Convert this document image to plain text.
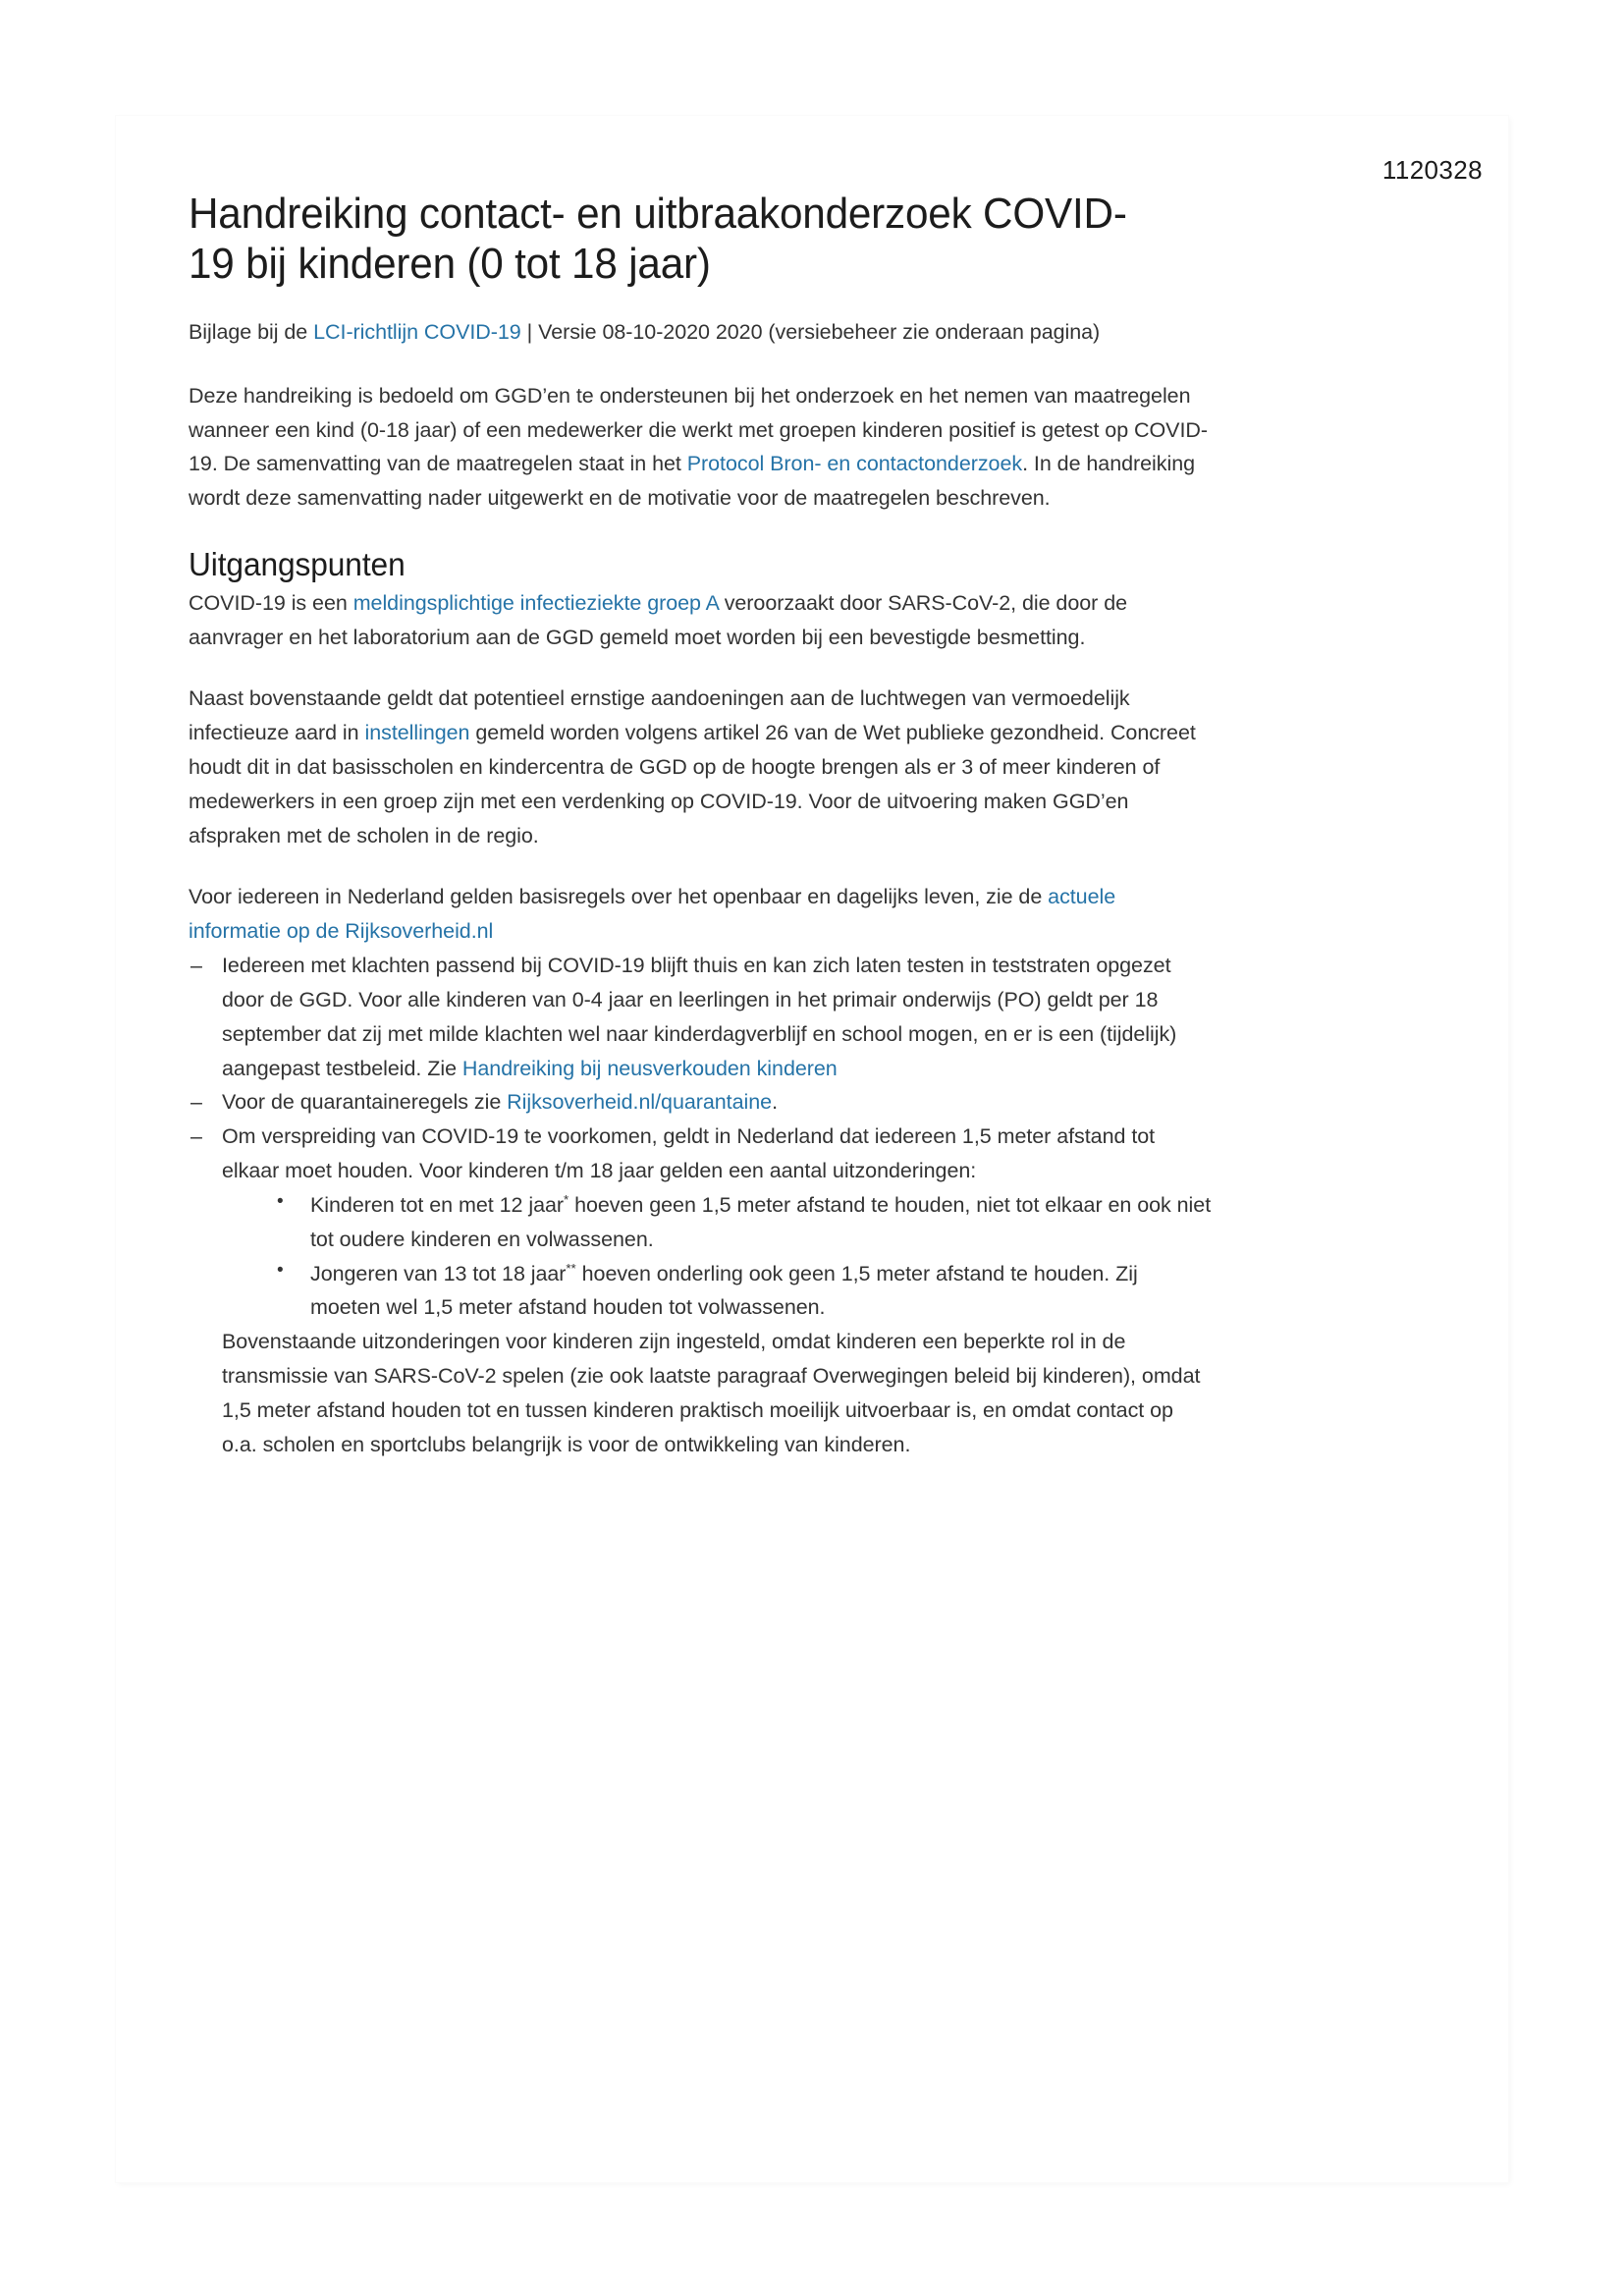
1120328
Handreiking contact- en uitbraakonderzoek COVID-19 bij kinderen (0 tot 18 jaar)

Bijlage bij de LCI-richtlijn COVID-19 | Versie 08-10-2020 2020 (versiebeheer zie onderaan pagina)

Deze handreiking is bedoeld om GGD’en te ondersteunen bij het onderzoek en het nemen van maatregelen wanneer een kind (0-18 jaar) of een medewerker die werkt met groepen kinderen positief is getest op COVID-19. De samenvatting van de maatregelen staat in het Protocol Bron- en contactonderzoek. In de handreiking wordt deze samenvatting nader uitgewerkt en de motivatie voor de maatregelen beschreven.

Uitgangspunten

COVID-19 is een meldingsplichtige infectieziekte groep A veroorzaakt door SARS-CoV-2, die door de aanvrager en het laboratorium aan de GGD gemeld moet worden bij een bevestigde besmetting.

Naast bovenstaande geldt dat potentieel ernstige aandoeningen aan de luchtwegen van vermoedelijk infectieuze aard in instellingen gemeld worden volgens artikel 26 van de Wet publieke gezondheid. Concreet houdt dit in dat basisscholen en kindercentra de GGD op de hoogte brengen als er 3 of meer kinderen of medewerkers in een groep zijn met een verdenking op COVID-19. Voor de uitvoering maken GGD’en afspraken met de scholen in de regio.

Voor iedereen in Nederland gelden basisregels over het openbaar en dagelijks leven, zie de actuele informatie op de Rijksoverheid.nl

– Iedereen met klachten passend bij COVID-19 blijft thuis en kan zich laten testen in teststraten opgezet door de GGD. Voor alle kinderen van 0-4 jaar en leerlingen in het primair onderwijs (PO) geldt per 18 september dat zij met milde klachten wel naar kinderdagverblijf en school mogen, en er is een (tijdelijk) aangepast testbeleid. Zie Handreiking bij neusverkouden kinderen
– Voor de quarantaineregels zie Rijksoverheid.nl/quarantaine.
– Om verspreiding van COVID-19 te voorkomen, geldt in Nederland dat iedereen 1,5 meter afstand tot elkaar moet houden. Voor kinderen t/m 18 jaar gelden een aantal uitzonderingen:
• Kinderen tot en met 12 jaar* hoeven geen 1,5 meter afstand te houden, niet tot elkaar en ook niet tot oudere kinderen en volwassenen.
• Jongeren van 13 tot 18 jaar** hoeven onderling ook geen 1,5 meter afstand te houden. Zij moeten wel 1,5 meter afstand houden tot volwassenen.

Bovenstaande uitzonderingen voor kinderen zijn ingesteld, omdat kinderen een beperkte rol in de transmissie van SARS-CoV-2 spelen (zie ook laatste paragraaf Overwegingen beleid bij kinderen), omdat 1,5 meter afstand houden tot en tussen kinderen praktisch moeilijk uitvoerbaar is, en omdat contact op o.a. scholen en sportclubs belangrijk is voor de ontwikkeling van kinderen.
